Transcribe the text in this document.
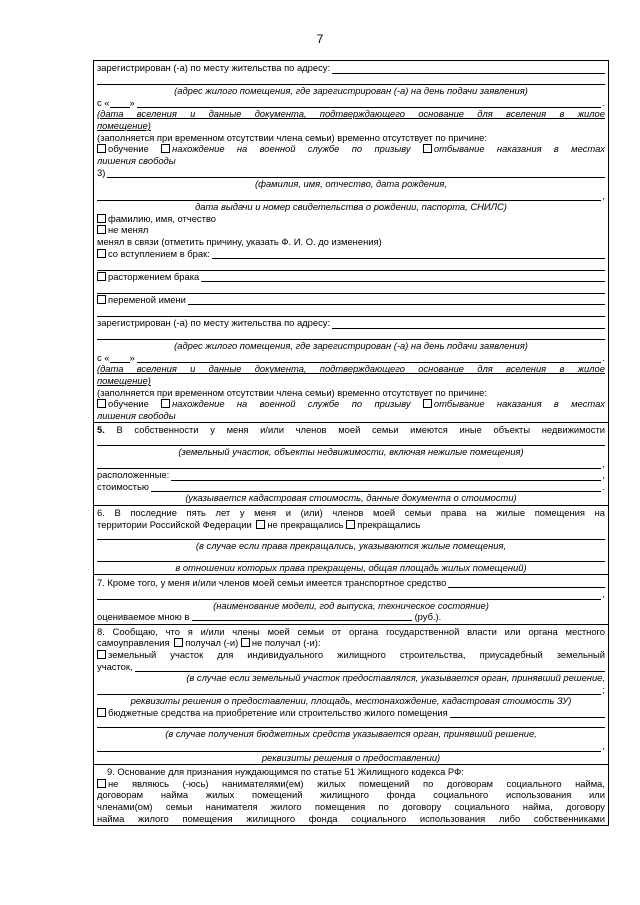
7
зарегистрирован (-а) по месту жительства по адресу:
(адрес жилого помещения, где зарегистрирован (-а) на день подачи заявления)
с « »	.
(дата вселения и данные документа, подтверждающего основание для вселения в жилое
помещение)
(заполняется при временном отсутствии члена семьи) временно отсутствует по причине:
обучение нахождение на военной службе по призыву отбывание наказания в местах
лишения свободы
3)
(фамилия, имя, отчество, дата рождения,
,
дата выдачи и номер свидетельства о рождении, паспорта, СНИЛС)
фамилию, имя, отчество
не менял
менял в связи (отметить причину, указать Ф. И. О. до изменения)
со вступлением в брак:
расторжением брака
переменой имени
зарегистрирован (-а) по месту жительства по адресу:
(адрес жилого помещения, где зарегистрирован (-а) на день подачи заявления)
с « »	.
(дата вселения и данные документа, подтверждающего основание для вселения в жилое
помещение)
(заполняется при временном отсутствии члена семьи) временно отсутствует по причине:
обучение нахождение на военной службе по призыву отбывание наказания в местах
лишения свободы
5. В собственности у меня и/или членов моей семьи имеются иные объекты недвижимости
(земельный участок, объекты недвижимости, включая нежилые помещения)
,
расположенные:	,
стоимостью	.
(указывается кадастровая стоимость, данные документа о стоимости)
6. В последние пять лет у меня и (или) членов моей семьи права на жилые помещения на
территории Российской Федерации не прекращались прекращались
(в случае если права прекращались, указываются жилые помещения,
в отношении которых права прекращены, общая площадь жилых помещений)
7. Кроме того, у меня и/или членов моей семьи имеется транспортное средство
,
(наименование модели, год выпуска, техническое состояние)
оцениваемое мною в	(руб.).
8. Сообщаю, что я и/или члены моей семьи от органа государственной власти или органа местного
самоуправления получал (-и) не получал (-и):
земельный участок для индивидуального жилищного строительства, приусадебный земельный
участок,
(в случае если земельный участок предоставлялся, указывается орган, принявший решение,
;
реквизиты решения о предоставлении, площадь, местонахождение, кадастровая стоимость ЗУ)
бюджетные средства на приобретение или строительство жилого помещения
(в случае получения бюджетных средств указывается орган, принявший решение,
,
реквизиты решения о предоставлении)
9. Основание для признания нуждающимся по статье 51 Жилищного кодекса РФ:
не являюсь (-юсь) нанимателями(ем) жилых помещений по договорам социального найма,
договорам найма жилых помещений жилищного фонда социального использования или
членами(ом) семьи нанимателя жилого помещения по договору социального найма, договору
найма жилого помещения жилищного фонда социального использования либо собственниками
